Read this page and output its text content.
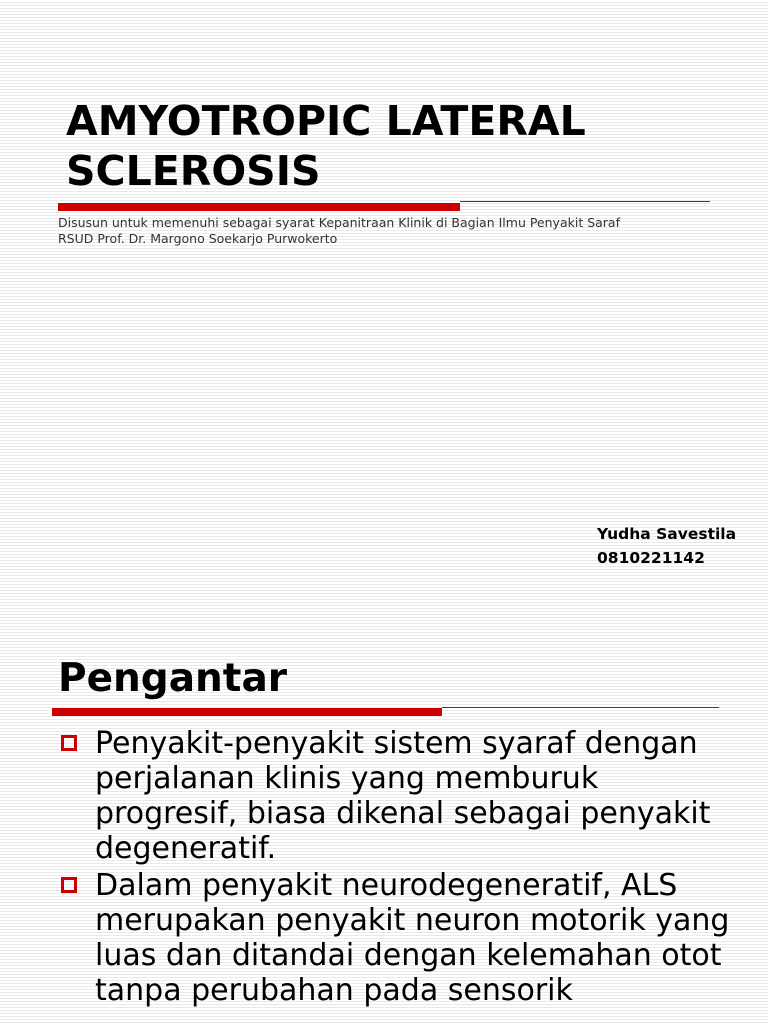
AMYOTROPIC LATERAL
SCLEROSIS
Disusun untuk memenuhi sebagai syarat Kepanitraan Klinik di Bagian Ilmu Penyakit Saraf
RSUD Prof. Dr. Margono Soekarjo Purwokerto
Yudha Savestila
0810221142
Pengantar
Penyakit-penyakit sistem syaraf dengan perjalanan klinis yang memburuk progresif, biasa dikenal sebagai penyakit degeneratif.
Dalam penyakit neurodegeneratif, ALS merupakan penyakit neuron motorik yang luas dan ditandai dengan kelemahan otot tanpa perubahan pada sensorik
